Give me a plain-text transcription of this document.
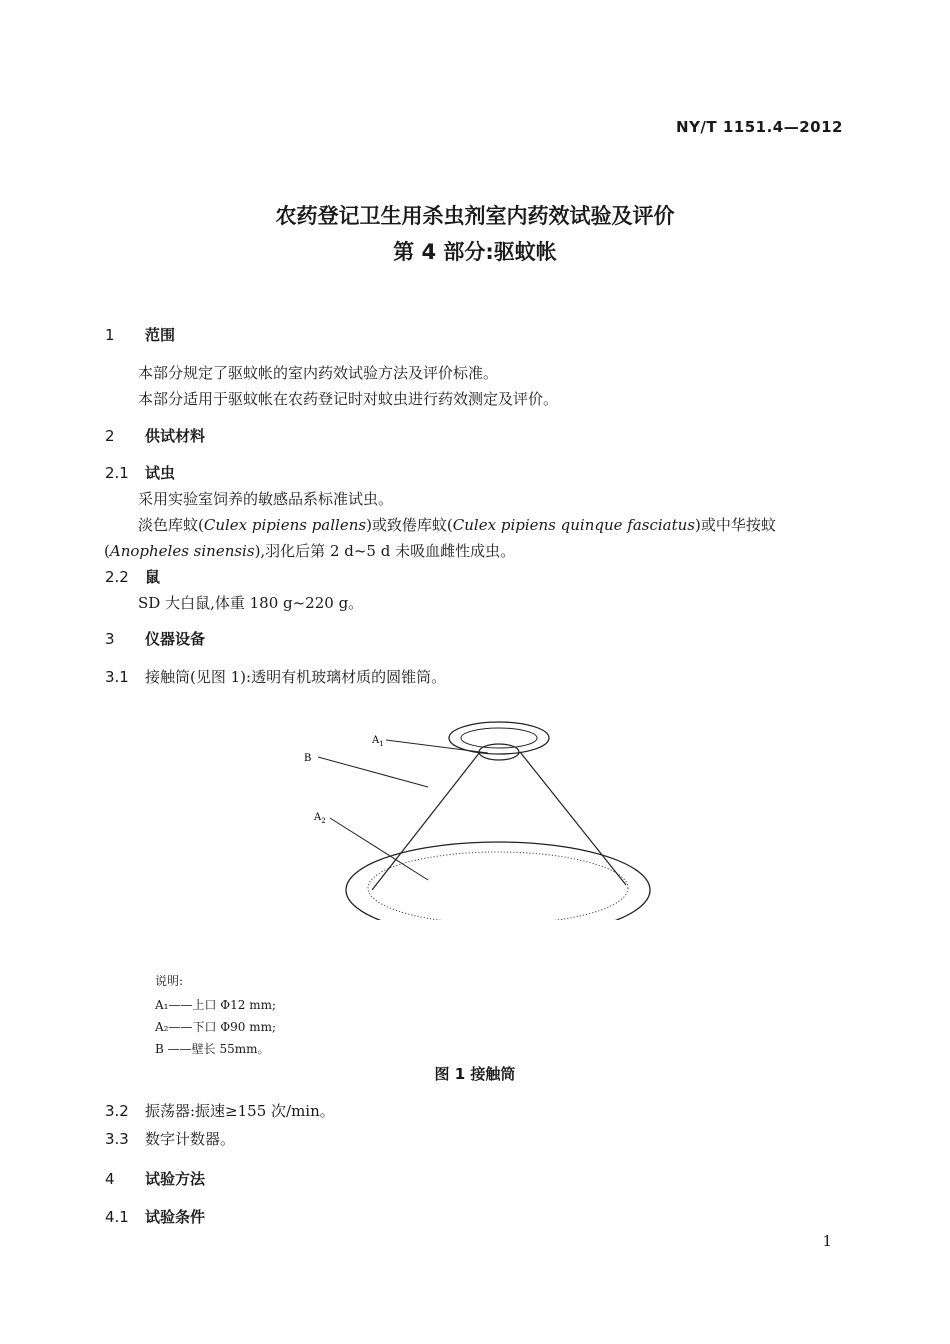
NY/T 1151.4—2012
农药登记卫生用杀虫剂室内药效试验及评价
第 4 部分:驱蚊帐
1 范围
本部分规定了驱蚊帐的室内药效试验方法及评价标准。
本部分适用于驱蚊帐在农药登记时对蚊虫进行药效测定及评价。
2 供试材料
2.1 试虫
采用实验室饲养的敏感品系标准试虫。
淡色库蚊(Culex pipiens pallens)或致倦库蚊(Culex pipiens quinque fasciatus)或中华按蚊
(Anopheles sinensis),羽化后第 2 d~5 d 未吸血雌性成虫。
2.2 鼠
SD 大白鼠,体重 180 g~220 g。
3 仪器设备
3.1 接触筒(见图 1):透明有机玻璃材质的圆锥筒。
$A_1$
B
$A_2$
说明:
A₁——上口 Φ12 mm;
A₂——下口 Φ90 mm;
B ——壁长 55mm。
图 1 接触筒
3.2 振荡器:振速≥155 次/min。
3.3 数字计数器。
4 试验方法
4.1 试验条件
1
